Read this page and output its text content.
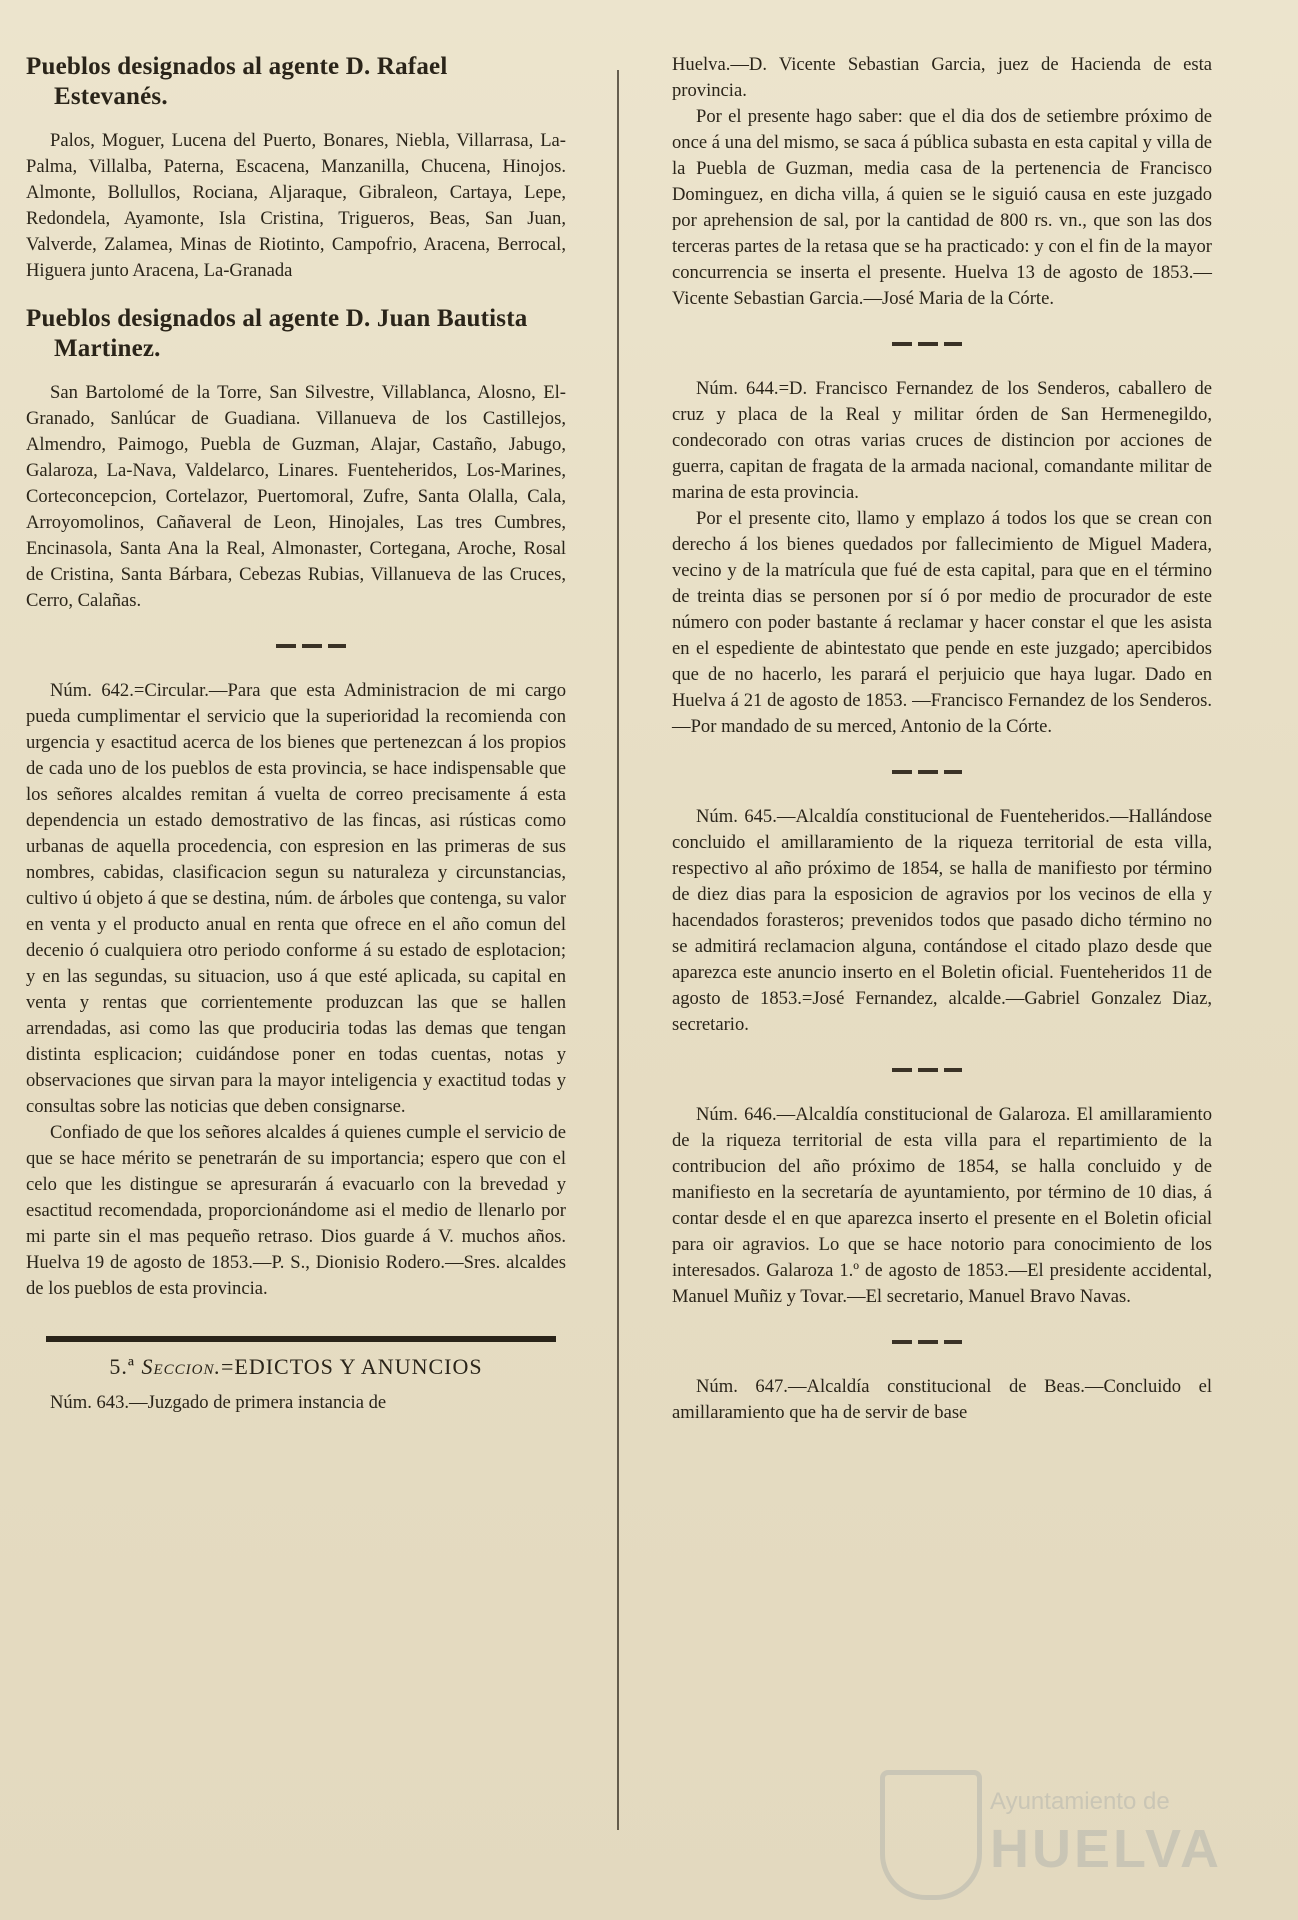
Pueblos designados al agente D. Rafael Estevanés.

Palos, Moguer, Lucena del Puerto, Bonares, Niebla, Villarrasa, La-Palma, Villalba, Paterna, Escacena, Manzanilla, Chucena, Hinojos. Almonte, Bollullos, Rociana, Aljaraque, Gibraleon, Cartaya, Lepe, Redondela, Ayamonte, Isla Cristina, Trigueros, Beas, San Juan, Valverde, Zalamea, Minas de Riotinto, Campofrio, Aracena, Berrocal, Higuera junto Aracena, La-Granada

Pueblos designados al agente D. Juan Bautista Martinez.

San Bartolomé de la Torre, San Silvestre, Villablanca, Alosno, El-Granado, Sanlúcar de Guadiana. Villanueva de los Castillejos, Almendro, Paimogo, Puebla de Guzman, Alajar, Castaño, Jabugo, Galaroza, La-Nava, Valdelarco, Linares. Fuenteheridos, Los-Marines, Corteconcepcion, Cortelazor, Puertomoral, Zufre, Santa Olalla, Cala, Arroyomolinos, Cañaveral de Leon, Hinojales, Las tres Cumbres, Encinasola, Santa Ana la Real, Almonaster, Cortegana, Aroche, Rosal de Cristina, Santa Bárbara, Cebezas Rubias, Villanueva de las Cruces, Cerro, Calañas.

Núm. 642.=Circular.—Para que esta Administracion de mi cargo pueda cumplimentar el servicio que la superioridad la recomienda con urgencia y esactitud acerca de los bienes que pertenezcan á los propios de cada uno de los pueblos de esta provincia, se hace indispensable que los señores alcaldes remitan á vuelta de correo precisamente á esta dependencia un estado demostrativo de las fincas, asi rústicas como urbanas de aquella procedencia, con espresion en las primeras de sus nombres, cabidas, clasificacion segun su naturaleza y circunstancias, cultivo ú objeto á que se destina, núm. de árboles que contenga, su valor en venta y el producto anual en renta que ofrece en el año comun del decenio ó cualquiera otro periodo conforme á su estado de esplotacion; y en las segundas, su situacion, uso á que esté aplicada, su capital en venta y rentas que corrientemente produzcan las que se hallen arrendadas, asi como las que produciria todas las demas que tengan distinta esplicacion; cuidándose poner en todas cuentas, notas y observaciones que sirvan para la mayor inteligencia y exactitud todas y consultas sobre las noticias que deben consignarse.

Confiado de que los señores alcaldes á quienes cumple el servicio de que se hace mérito se penetrarán de su importancia; espero que con el celo que les distingue se apresurarán á evacuarlo con la brevedad y esactitud recomendada, proporcionándome asi el medio de llenarlo por mi parte sin el mas pequeño retraso. Dios guarde á V. muchos años. Huelva 19 de agosto de 1853.—P. S., Dionisio Rodero.—Sres. alcaldes de los pueblos de esta provincia.

5.ª Seccion.=EDICTOS Y ANUNCIOS

Núm. 643.—Juzgado de primera instancia de

Huelva.—D. Vicente Sebastian Garcia, juez de Hacienda de esta provincia.

Por el presente hago saber: que el dia dos de setiembre próximo de once á una del mismo, se saca á pública subasta en esta capital y villa de la Puebla de Guzman, media casa de la pertenencia de Francisco Dominguez, en dicha villa, á quien se le siguió causa en este juzgado por aprehension de sal, por la cantidad de 800 rs. vn., que son las dos terceras partes de la retasa que se ha practicado: y con el fin de la mayor concurrencia se inserta el presente. Huelva 13 de agosto de 1853.—Vicente Sebastian Garcia.—José Maria de la Córte.

Núm. 644.=D. Francisco Fernandez de los Senderos, caballero de cruz y placa de la Real y militar órden de San Hermenegildo, condecorado con otras varias cruces de distincion por acciones de guerra, capitan de fragata de la armada nacional, comandante militar de marina de esta provincia.

Por el presente cito, llamo y emplazo á todos los que se crean con derecho á los bienes quedados por fallecimiento de Miguel Madera, vecino y de la matrícula que fué de esta capital, para que en el término de treinta dias se personen por sí ó por medio de procurador de este número con poder bastante á reclamar y hacer constar el que les asista en el espediente de abintestato que pende en este juzgado; apercibidos que de no hacerlo, les parará el perjuicio que haya lugar. Dado en Huelva á 21 de agosto de 1853. —Francisco Fernandez de los Senderos.—Por mandado de su merced, Antonio de la Córte.

Núm. 645.—Alcaldía constitucional de Fuenteheridos.—Hallándose concluido el amillaramiento de la riqueza territorial de esta villa, respectivo al año próximo de 1854, se halla de manifiesto por término de diez dias para la esposicion de agravios por los vecinos de ella y hacendados forasteros; prevenidos todos que pasado dicho término no se admitirá reclamacion alguna, contándose el citado plazo desde que aparezca este anuncio inserto en el Boletin oficial. Fuenteheridos 11 de agosto de 1853.=José Fernandez, alcalde.—Gabriel Gonzalez Diaz, secretario.

Núm. 646.—Alcaldía constitucional de Galaroza. El amillaramiento de la riqueza territorial de esta villa para el repartimiento de la contribucion del año próximo de 1854, se halla concluido y de manifiesto en la secretaría de ayuntamiento, por término de 10 dias, á contar desde el en que aparezca inserto el presente en el Boletin oficial para oir agravios. Lo que se hace notorio para conocimiento de los interesados. Galaroza 1.º de agosto de 1853.—El presidente accidental, Manuel Muñiz y Tovar.—El secretario, Manuel Bravo Navas.

Núm. 647.—Alcaldía constitucional de Beas.—Concluido el amillaramiento que ha de servir de base

Ayuntamiento de
HUELVA
